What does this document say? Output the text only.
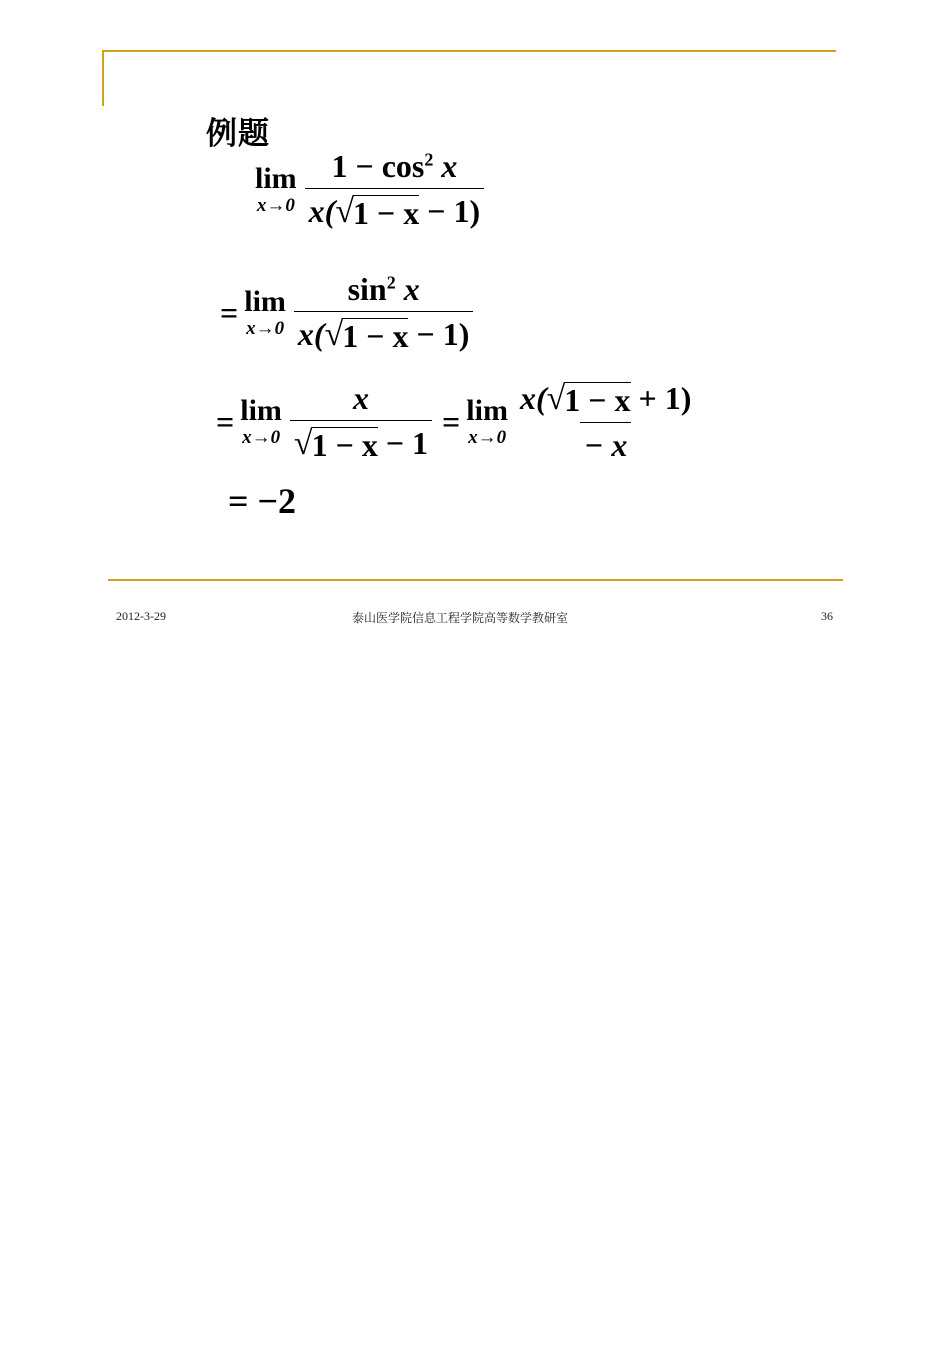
例题
lim
$x\to 0 \frac{1 - \cos^2 x}{x( √ 1 - x - 1)}$
= lim
$x\to 0 \frac{\sin^2 x}{x( √ 1 - x - 1)}$
= lim
$x\to 0 \frac{x}{√ 1 - x - 1} = \lim$
$x\to 0 \frac{x( √ 1 - x + 1)}{- x}$
= −2
2012-3-29	泰山医学院信息工程学院高等数学教研室	36
